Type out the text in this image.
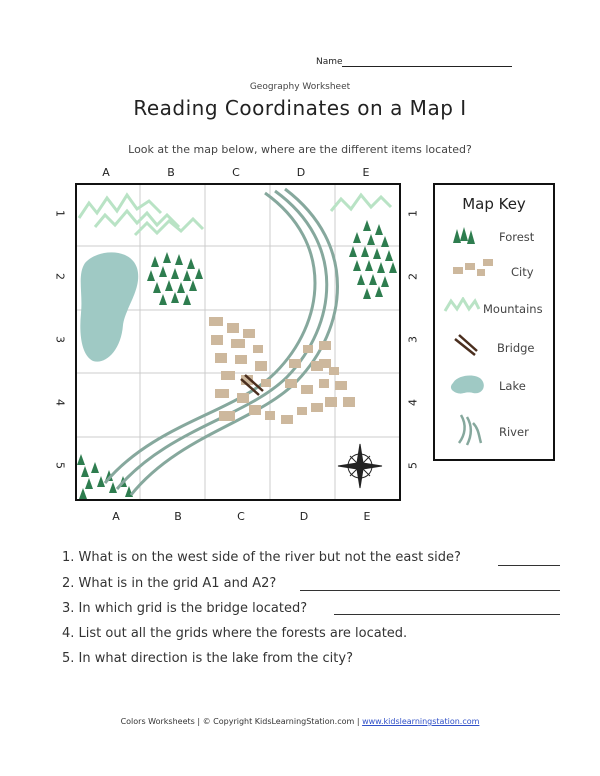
Name
Geography Worksheet
Reading Coordinates on a Map I
Look at the map below, where are the different items located?
A	B	C	D	E
A	B	C	D	E
1
2
3
4
5
1
2
3
4
5
Map Key
Forest
City
Mountains
Bridge
Lake
River
1. What is on the west side of the river but not the east side?
2. What is in the grid A1 and A2?
3. In which grid is the bridge located?
4. List out all the grids where the forests are located.
5. In what direction is the lake from the city?
Colors Worksheets | © Copyright KidsLearningStation.com | www.kidslearningstation.com
